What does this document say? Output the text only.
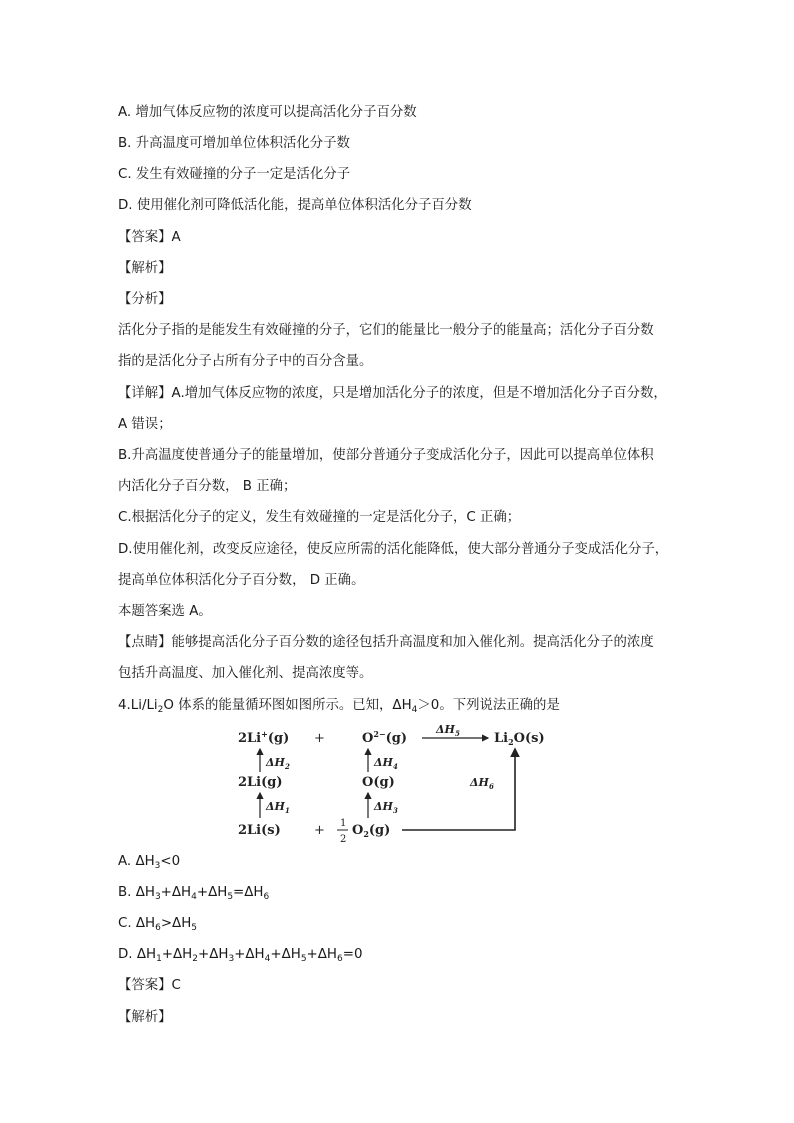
A. 增加气体反应物的浓度可以提高活化分子百分数
B. 升高温度可增加单位体积活化分子数
C. 发生有效碰撞的分子一定是活化分子
D. 使用催化剂可降低活化能，提高单位体积活化分子百分数
【答案】A
【解析】
【分析】
活化分子指的是能发生有效碰撞的分子，它们的能量比一般分子的能量高；活化分子百分数
指的是活化分子占所有分子中的百分含量。
【详解】A.增加气体反应物的浓度，只是增加活化分子的浓度，但是不增加活化分子百分数，
A 错误；
B.升高温度使普通分子的能量增加，使部分普通分子变成活化分子，因此可以提高单位体积
内活化分子百分数， B 正确；
C.根据活化分子的定义，发生有效碰撞的一定是活化分子，C 正确；
D.使用催化剂，改变反应途径，使反应所需的活化能降低，使大部分普通分子变成活化分子，
提高单位体积活化分子百分数， D 正确。
本题答案选 A。
【点睛】能够提高活化分子百分数的途径包括升高温度和加入催化剂。提高活化分子的浓度
包括升高温度、加入催化剂、提高浓度等。
$4.Li/Li_2O$ 体系的能量循环图如图所示。已知，$\Delta H_4>0$。下列说法正确的是
2Li+(g) +	$O^{2-}(g)$
$\Delta H_5$	$Li_2O(s)$
$\Delta H_2$	$\Delta H_4$
2Li(g)	O(g)	$\Delta H_6$
$\Delta H_1$	$\Delta H_3$
2Li(s)	+ 1
2
$O_2(g)$
A. $\Delta H_3<0$
B. $\Delta H_3+\Delta H_4+\Delta H_5=\Delta H_6$
C. $\Delta H_6>\Delta H_5$
D. $\Delta H_1+\Delta H_2+\Delta H_3+\Delta H_4+\Delta H_5+\Delta H_6=0$
【答案】C
【解析】
